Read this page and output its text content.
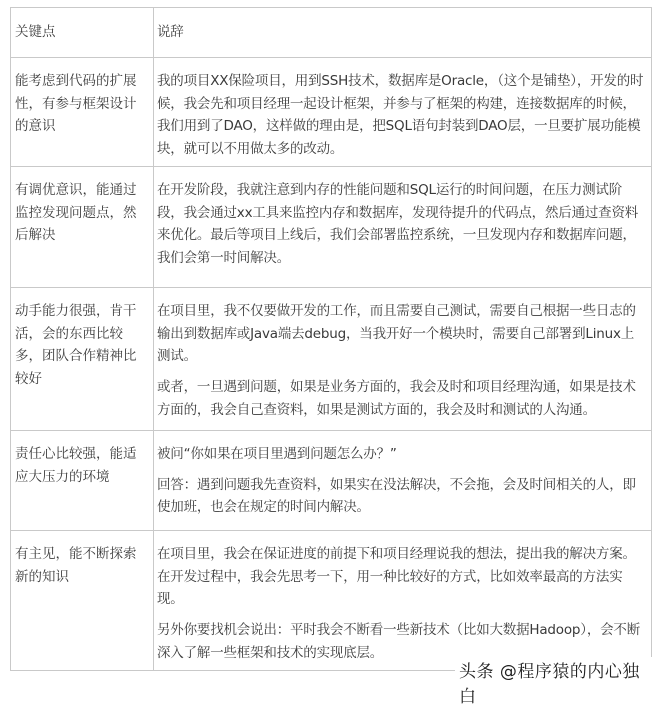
关键点	说辞
能考虑到代码的扩展性，有参与框架设计的意识

我的项目XX保险项目，用到SSH技术，数据库是Oracle，（这个是铺垫），开发的时候，我会先和项目经理一起设计框架，并参与了框架的构建，连接数据库的时候，我们用到了DAO，这样做的理由是，把SQL语句封装到DAO层，一旦要扩展功能模块，就可以不用做太多的改动。

有调优意识，能通过监控发现问题点，然后解决

在开发阶段，我就注意到内存的性能问题和SQL运行的时间问题，在压力测试阶段，我会通过xx工具来监控内存和数据库，发现待提升的代码点，然后通过查资料来优化。最后等项目上线后，我们会部署监控系统，一旦发现内存和数据库问题，我们会第一时间解决。

动手能力很强，肯干活，会的东西比较多，团队合作精神比较好

在项目里，我不仅要做开发的工作，而且需要自己测试，需要自己根据一些日志的输出到数据库或Java端去debug，当我开好一个模块时，需要自己部署到Linux上测试。

或者，一旦遇到问题，如果是业务方面的，我会及时和项目经理沟通，如果是技术方面的，我会自己查资料，如果是测试方面的，我会及时和测试的人沟通。

责任心比较强，能适应大压力的环境

被问“你如果在项目里遇到问题怎么办？”

回答：遇到问题我先查资料，如果实在没法解决，不会拖，会及时间相关的人，即使加班，也会在规定的时间内解决。

有主见，能不断探索新的知识

在项目里，我会在保证进度的前提下和项目经理说我的想法，提出我的解决方案。在开发过程中，我会先思考一下，用一种比较好的方式，比如效率最高的方法实现。

另外你要找机会说出：平时我会不断看一些新技术（比如大数据Hadoop），会不断深入了解一些框架和技术的实现底层。

头条 @程序猿的内心独白
